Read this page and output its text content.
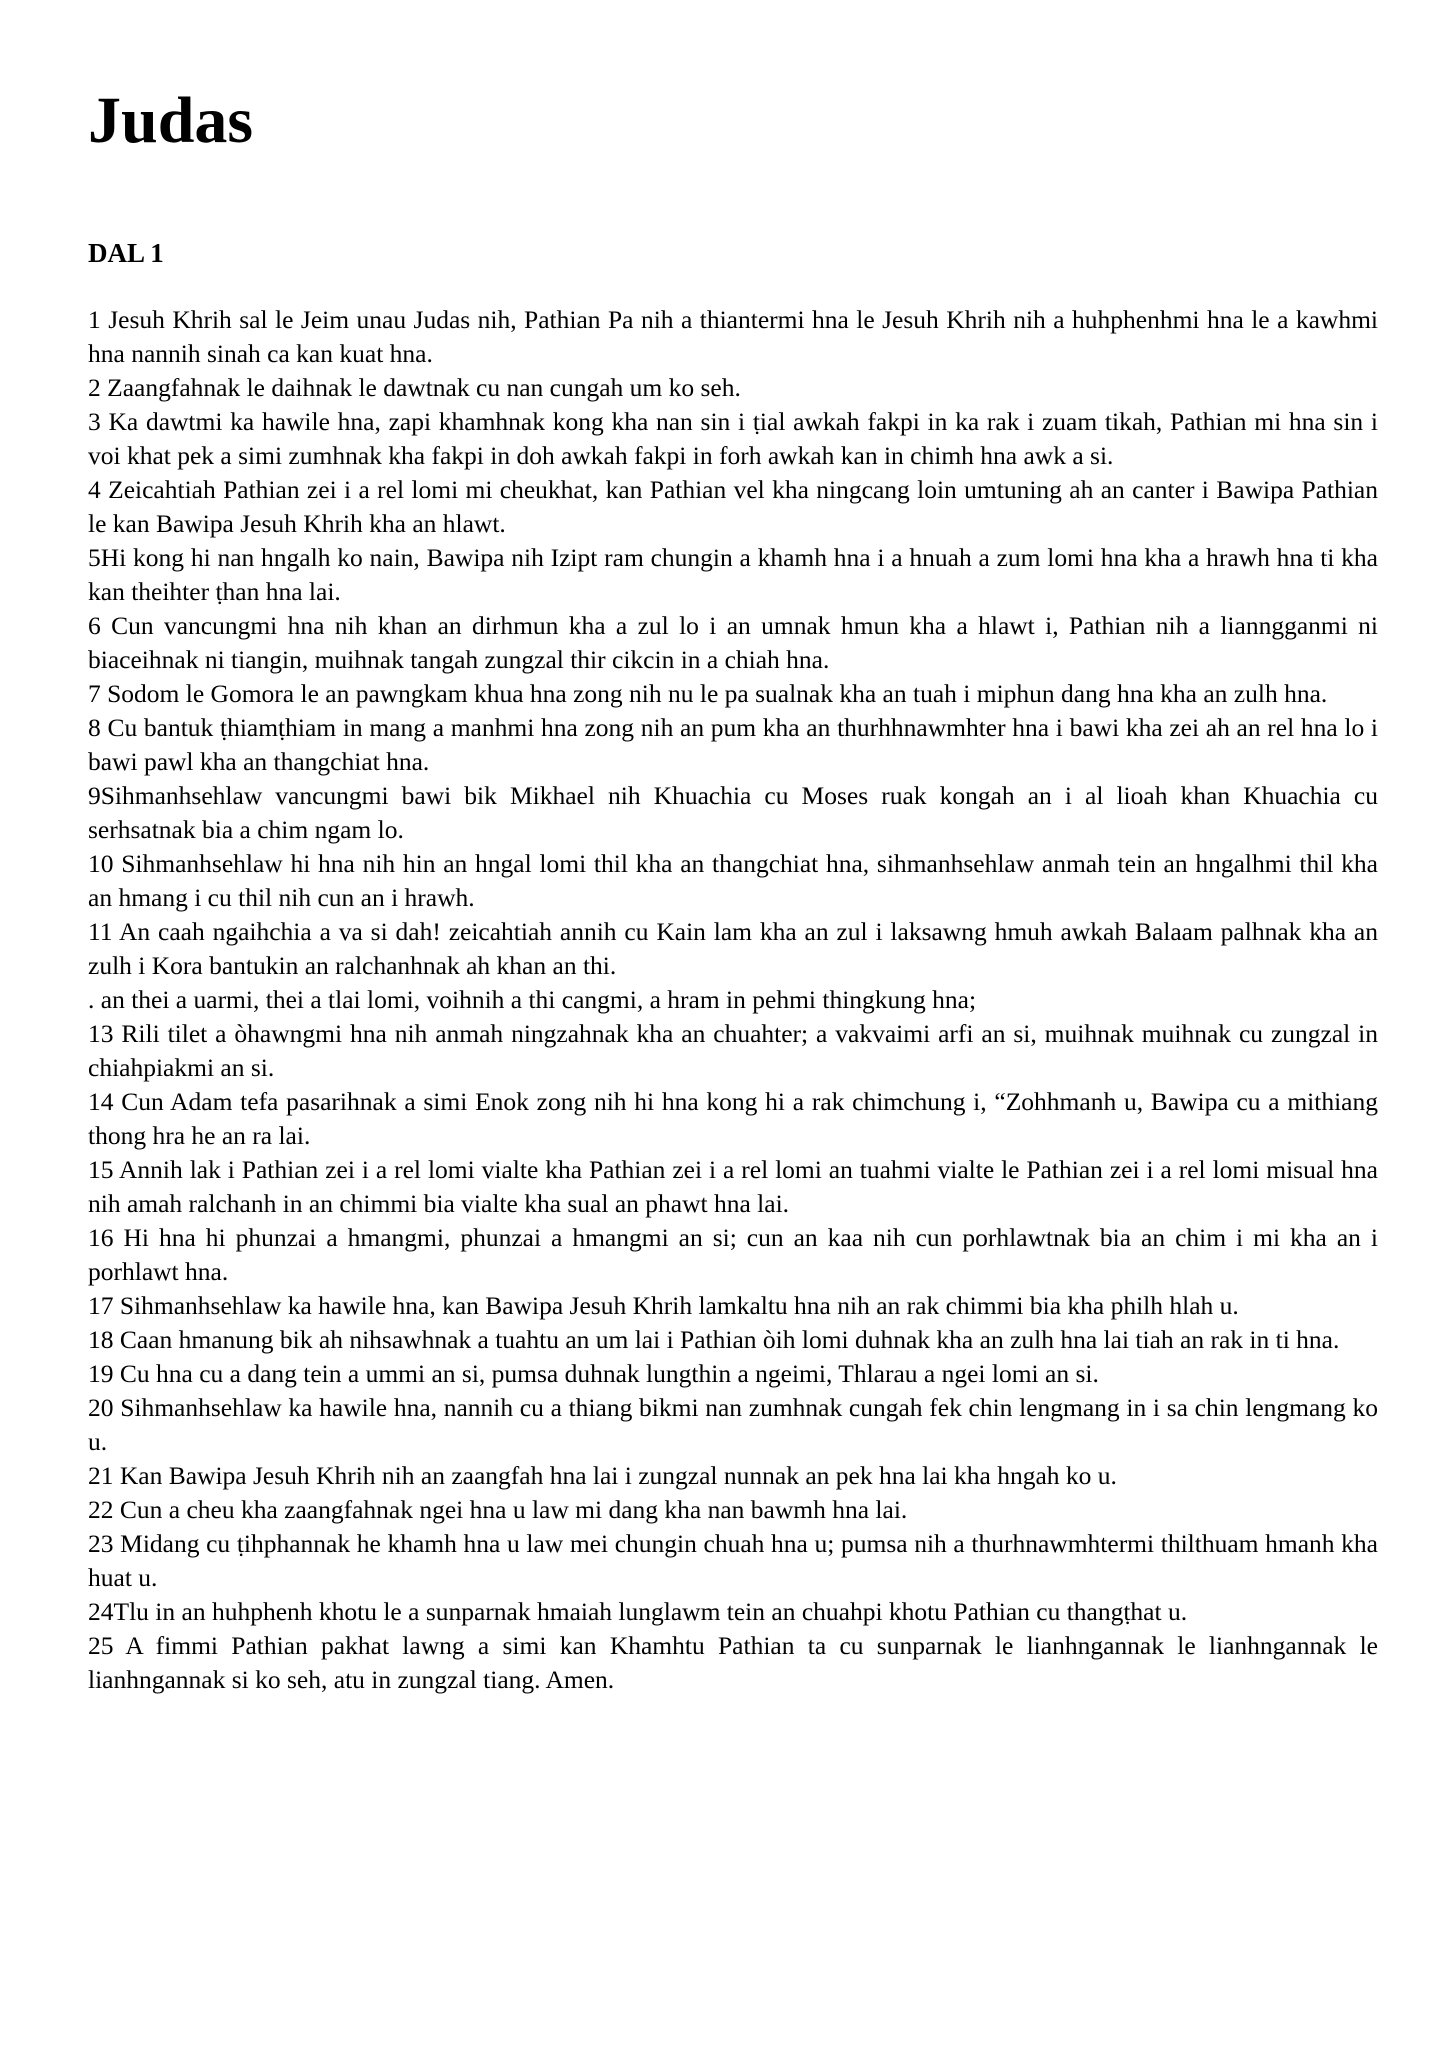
Judas
DAL 1

1 Jesuh Khrih sal le Jeim unau Judas nih, Pathian Pa nih a thiantermi hna le Jesuh Khrih nih a huhphenhmi hna le a kawhmi hna nannih sinah ca kan kuat hna.

2 Zaangfahnak le daihnak le dawtnak cu nan cungah um ko seh.

3 Ka dawtmi ka hawile hna, zapi khamhnak kong kha nan sin i ṭial awkah fakpi in ka rak i zuam tikah, Pathian mi hna sin i voi khat pek a simi zumhnak kha fakpi in doh awkah fakpi in forh awkah kan in chimh hna awk a si.

4 Zeicahtiah Pathian zei i a rel lomi mi cheukhat, kan Pathian vel kha ningcang loin umtuning ah an canter i Bawipa Pathian le kan Bawipa Jesuh Khrih kha an hlawt.

5Hi kong hi nan hngalh ko nain, Bawipa nih Izipt ram chungin a khamh hna i a hnuah a zum lomi hna kha a hrawh hna ti kha kan theihter ṭhan hna lai.

6 Cun vancungmi hna nih khan an dirhmun kha a zul lo i an umnak hmun kha a hlawt i, Pathian nih a lianngganmi ni biaceihnak ni tiangin, muihnak tangah zungzal thir cikcin in a chiah hna.

7 Sodom le Gomora le an pawngkam khua hna zong nih nu le pa sualnak kha an tuah i miphun dang hna kha an zulh hna.

8 Cu bantuk ṭhiamṭhiam in mang a manhmi hna zong nih an pum kha an thurhhnawmhter hna i bawi kha zei ah an rel hna lo i bawi pawl kha an thangchiat hna.

9Sihmanhsehlaw vancungmi bawi bik Mikhael nih Khuachia cu Moses ruak kongah an i al lioah khan Khuachia cu serhsatnak bia a chim ngam lo.

10 Sihmanhsehlaw hi hna nih hin an hngal lomi thil kha an thangchiat hna, sihmanhsehlaw anmah tein an hngalhmi thil kha an hmang i cu thil nih cun an i hrawh.

11 An caah ngaihchia a va si dah! zeicahtiah annih cu Kain lam kha an zul i laksawng hmuh awkah Balaam palhnak kha an zulh i Kora bantukin an ralchanhnak ah khan an thi.

. an thei a uarmi, thei a tlai lomi, voihnih a thi cangmi, a hram in pehmi thingkung hna;

13 Rili tilet a òhawngmi hna nih anmah ningzahnak kha an chuahter; a vakvaimi arfi an si, muihnak muihnak cu zungzal in chiahpiakmi an si.

14 Cun Adam tefa pasarihnak a simi Enok zong nih hi hna kong hi a rak chimchung i, “Zohhmanh u, Bawipa cu a mithiang thong hra he an ra lai.

15 Annih lak i Pathian zei i a rel lomi vialte kha Pathian zei i a rel lomi an tuahmi vialte le Pathian zei i a rel lomi misual hna nih amah ralchanh in an chimmi bia vialte kha sual an phawt hna lai.

16 Hi hna hi phunzai a hmangmi, phunzai a hmangmi an si; cun an kaa nih cun porhlawtnak bia an chim i mi kha an i porhlawt hna.

17 Sihmanhsehlaw ka hawile hna, kan Bawipa Jesuh Khrih lamkaltu hna nih an rak chimmi bia kha philh hlah u.

18 Caan hmanung bik ah nihsawhnak a tuahtu an um lai i Pathian òih lomi duhnak kha an zulh hna lai tiah an rak in ti hna.

19 Cu hna cu a dang tein a ummi an si, pumsa duhnak lungthin a ngeimi, Thlarau a ngei lomi an si.

20 Sihmanhsehlaw ka hawile hna, nannih cu a thiang bikmi nan zumhnak cungah fek chin lengmang in i sa chin lengmang ko u.

21 Kan Bawipa Jesuh Khrih nih an zaangfah hna lai i zungzal nunnak an pek hna lai kha hngah ko u.

22 Cun a cheu kha zaangfahnak ngei hna u law mi dang kha nan bawmh hna lai.

23 Midang cu ṭihphannak he khamh hna u law mei chungin chuah hna u; pumsa nih a thurhnawmhtermi thilthuam hmanh kha huat u.

24Tlu in an huhphenh khotu le a sunparnak hmaiah lunglawm tein an chuahpi khotu Pathian cu thangṭhat u.

25 A fimmi Pathian pakhat lawng a simi kan Khamhtu Pathian ta cu sunparnak le lianhngannak le lianhngannak le lianhngannak si ko seh, atu in zungzal tiang. Amen.
